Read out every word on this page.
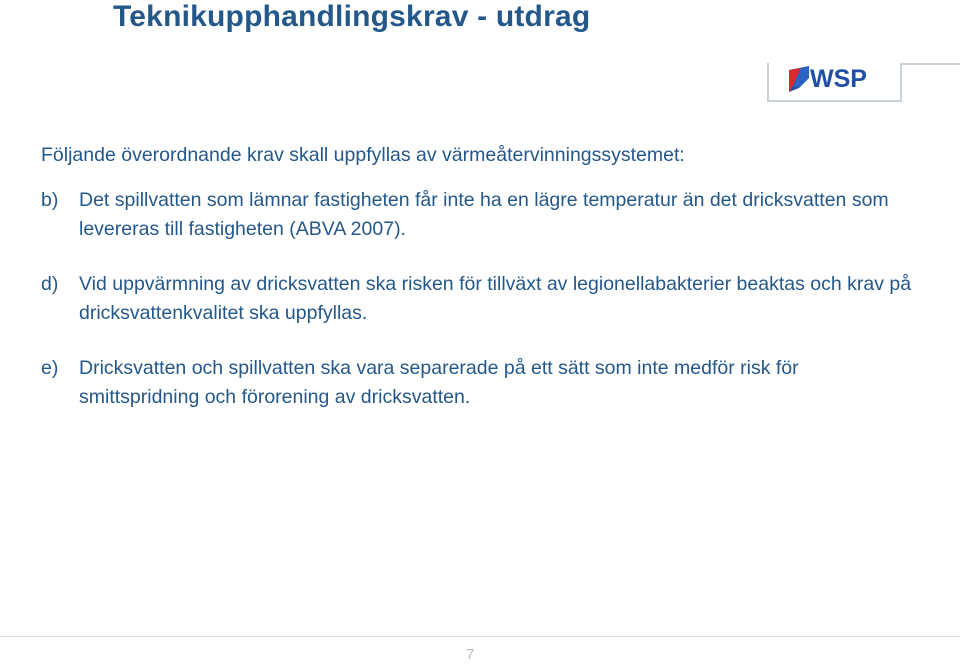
Teknikupphandlingskrav - utdrag
WSP

Följande överordnande krav skall uppfyllas av värmeåtervinningssystemet:

b) Det spillvatten som lämnar fastigheten får inte ha en lägre temperatur än det dricksvatten som levereras till fastigheten (ABVA 2007).
d) Vid uppvärmning av dricksvatten ska risken för tillväxt av legionellabakterier beaktas och krav på dricksvattenkvalitet ska uppfyllas.
e) Dricksvatten och spillvatten ska vara separerade på ett sätt som inte medför risk för smittspridning och förorening av dricksvatten.
7
